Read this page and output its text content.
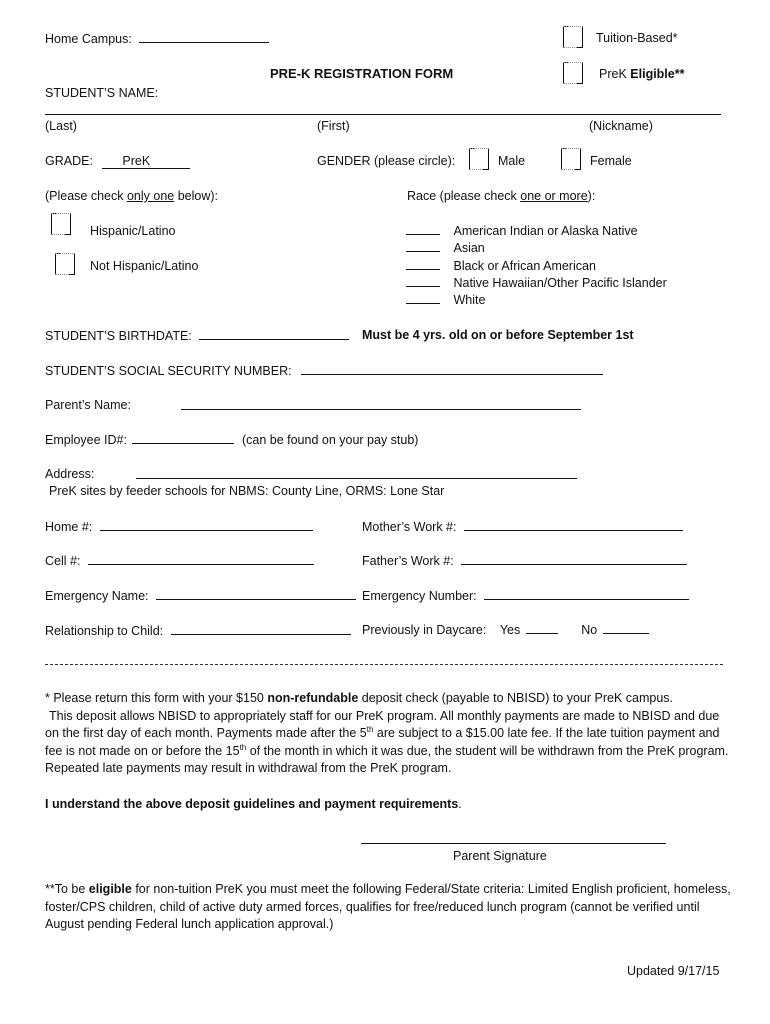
Home Campus:	Tuition-Based*
PRE-K REGISTRATION FORM	PreK Eligible**
STUDENT’S NAME:
(Last)	(First)	(Nickname)
GRADE: PreK	GENDER (please circle):	Male	Female
(Please check only one below):	Race (please check one or more):
Hispanic/Latino
Not Hispanic/Latino
American Indian or Alaska Native
Asian
Black or African American
Native Hawaiian/Other Pacific Islander
White
STUDENT’S BIRTHDATE:	Must be 4 yrs. old on or before September 1st
STUDENT’S SOCIAL SECURITY NUMBER:
Parent’s Name:
Employee ID#:	(can be found on your pay stub)
Address:
PreK sites by feeder schools for NBMS: County Line, ORMS: Lone Star
Home #:	Mother’s Work #:
Cell #:	Father’s Work #:
Emergency Name:	Emergency Number:
Relationship to Child:	Previously in Daycare: Yes	No
* Please return this form with your $150 non-refundable deposit check (payable to NBISD) to your PreK campus.
This deposit allows NBISD to appropriately staff for our PreK program. All monthly payments are made to NBISD and due on the first day of each month. Payments made after the 5th are subject to a $15.00 late fee. If the late tuition payment and fee is not made on or before the 15th of the month in which it was due, the student will be withdrawn from the PreK program. Repeated late payments may result in withdrawal from the PreK program.
I understand the above deposit guidelines and payment requirements.
Parent Signature
**To be eligible for non-tuition PreK you must meet the following Federal/State criteria: Limited English proficient, homeless, foster/CPS children, child of active duty armed forces, qualifies for free/reduced lunch program (cannot be verified until August pending Federal lunch application approval.)
Updated 9/17/15
